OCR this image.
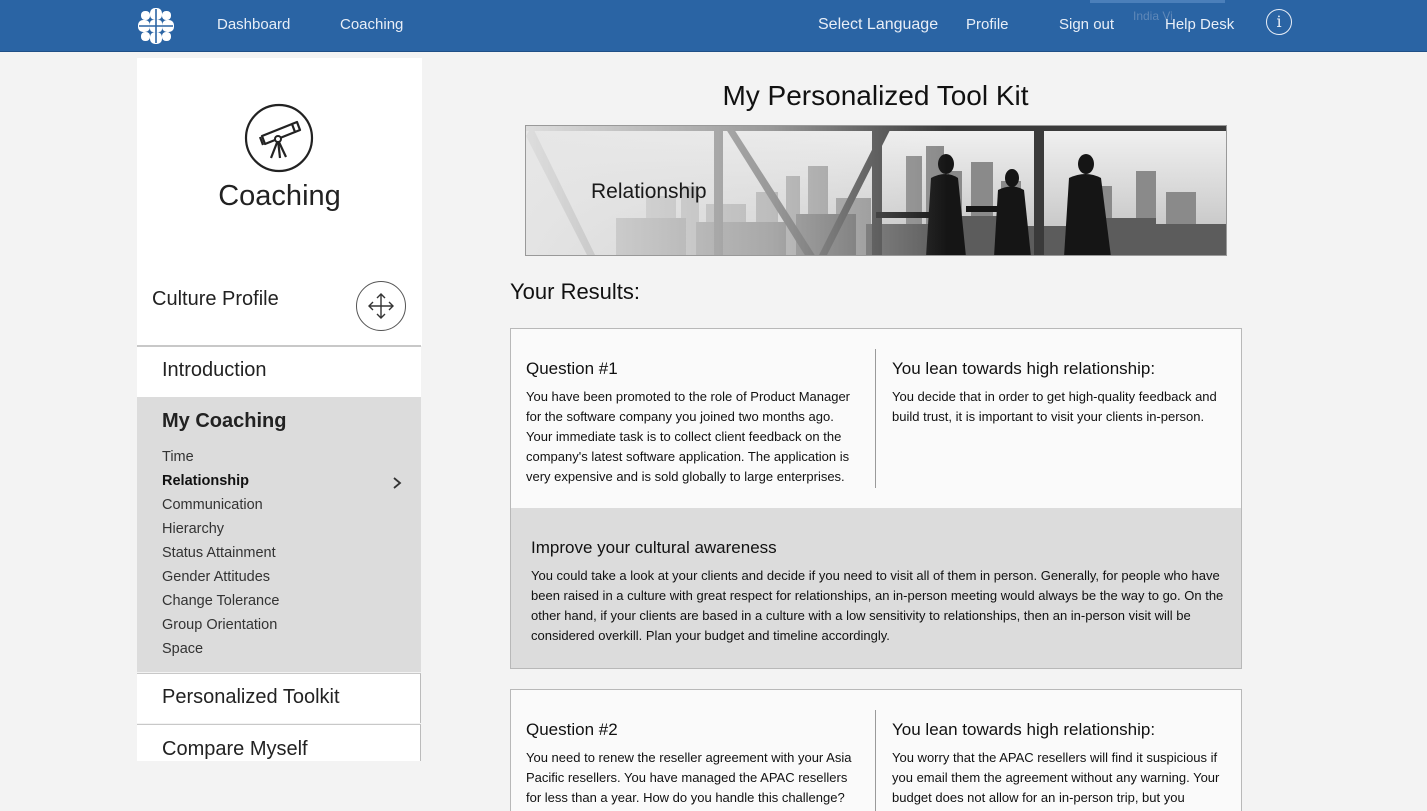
Dashboard	Coaching	India Vi
Select Language Profile	Sign out	Help Desk	i
Coaching
Culture Profile
Introduction
My Coaching
Time
Relationship
Communication
Hierarchy
Status Attainment
Gender Attitudes
Change Tolerance
Group Orientation
Space
Personalized Toolkit
Compare Myself
My Personalized Tool Kit
Relationship
Your Results:
Question #1
You have been promoted to the role of Product Manager for the software company you joined two months ago. Your immediate task is to collect client feedback on the company's latest software application. The application is very expensive and is sold globally to large enterprises.
You lean towards high relationship:
You decide that in order to get high-quality feedback and build trust, it is important to visit your clients in-person.
Improve your cultural awareness
You could take a look at your clients and decide if you need to visit all of them in person. Generally, for people who have been raised in a culture with great respect for relationships, an in-person meeting would always be the way to go. On the other hand, if your clients are based in a culture with a low sensitivity to relationships, then an in-person visit will be considered overkill. Plan your budget and timeline accordingly.
Question #2
You need to renew the reseller agreement with your Asia Pacific resellers. You have managed the APAC resellers for less than a year. How do you handle this challenge?
You lean towards high relationship:
You worry that the APAC resellers will find it suspicious if you email them the agreement without any warning. Your budget does not allow for an in-person trip, but you
